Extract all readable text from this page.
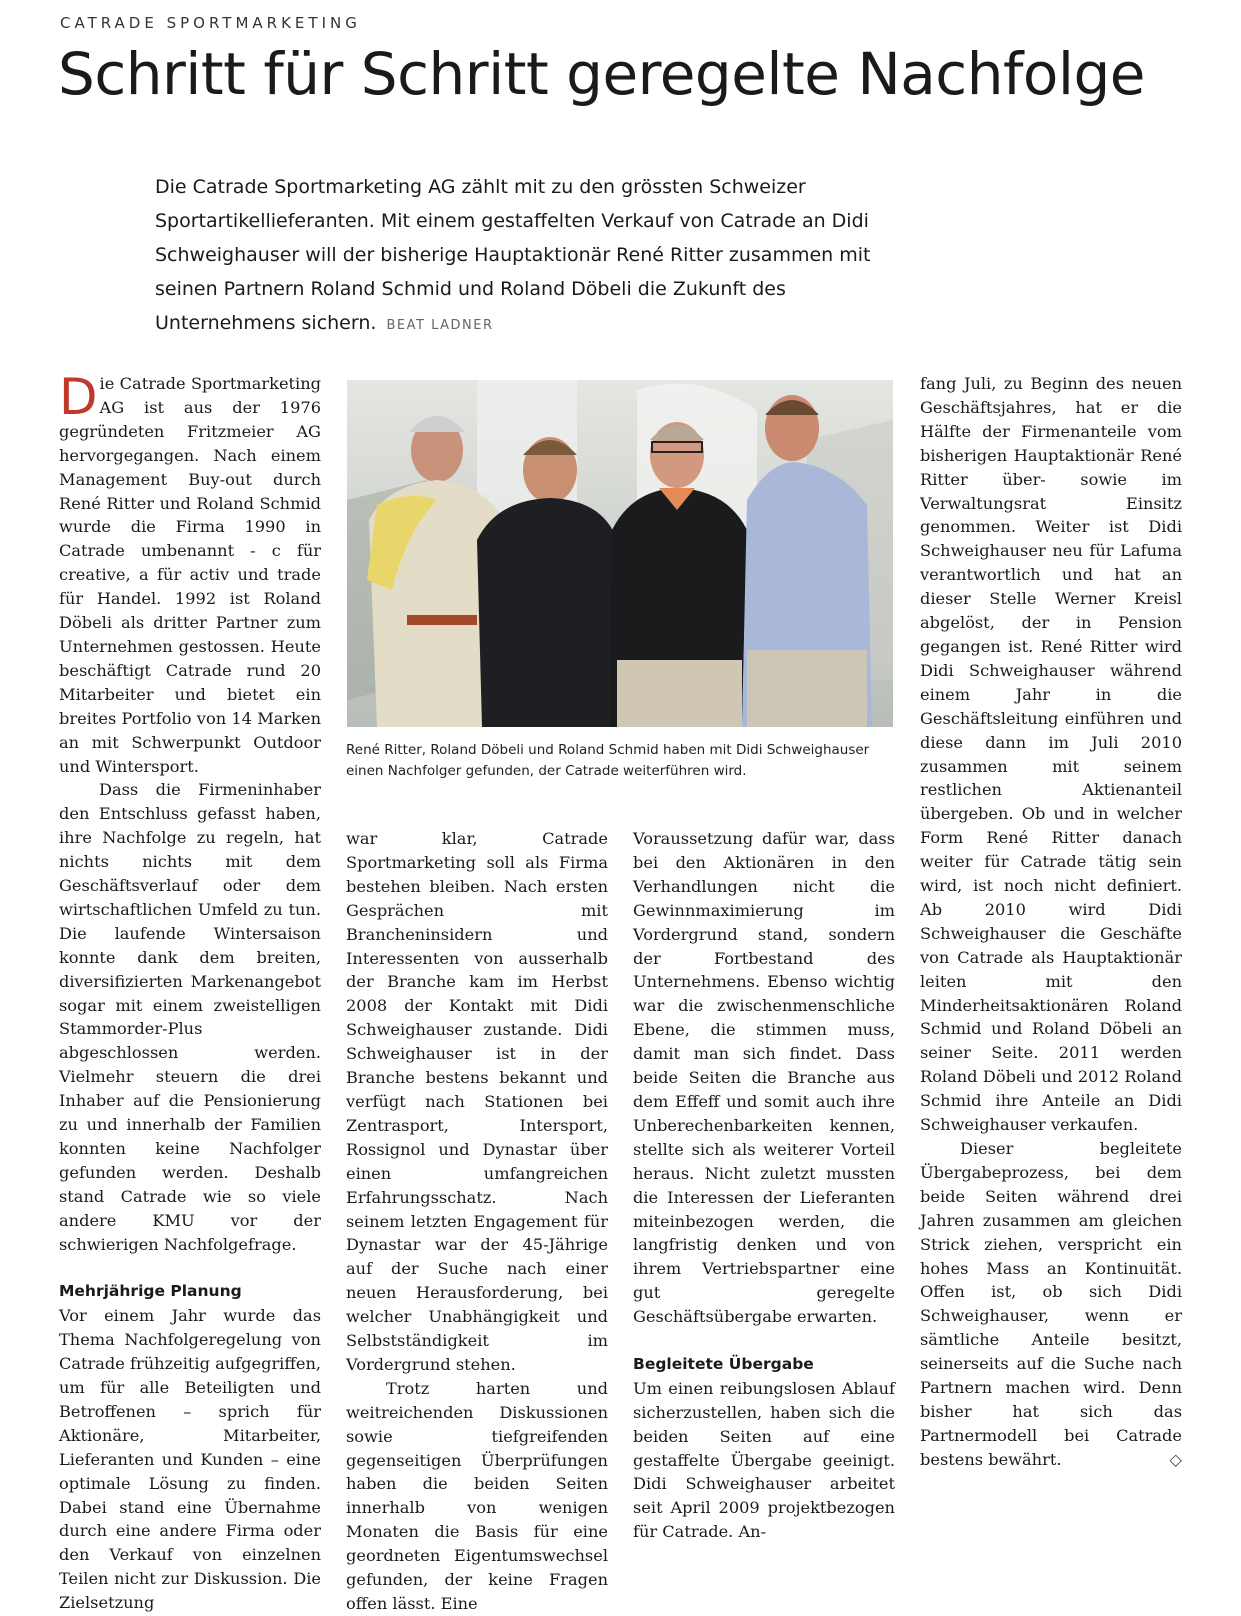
CATRADE SPORTMARKETING
Schritt für Schritt geregelte Nachfolge
Die Catrade Sportmarketing AG zählt mit zu den grössten Schweizer Sportartikellieferanten. Mit einem gestaffelten Verkauf von Catrade an Didi Schweighauser will der bisherige Hauptaktionär René Ritter zusammen mit seinen Partnern Roland Schmid und Roland Döbeli die Zukunft des Unternehmens sichern. BEAT LADNER

Die Catrade Sportmarketing AG ist aus der 1976 gegründeten Fritzmeier AG hervorgegangen. Nach einem Management Buy-out durch René Ritter und Roland Schmid wurde die Firma 1990 in Catrade umbenannt - c für creative, a für activ und trade für Handel. 1992 ist Roland Döbeli als dritter Partner zum Unternehmen gestossen. Heute beschäftigt Catrade rund 20 Mitarbeiter und bietet ein breites Portfolio von 14 Marken an mit Schwerpunkt Outdoor und Wintersport.

Dass die Firmeninhaber den Entschluss gefasst haben, ihre Nachfolge zu regeln, hat nichts nichts mit dem Geschäftsverlauf oder dem wirtschaftlichen Umfeld zu tun. Die laufende Wintersaison konnte dank dem breiten, diversifizierten Markenangebot sogar mit einem zweistelligen Stammorder-Plus abgeschlossen werden. Vielmehr steuern die drei Inhaber auf die Pensionierung zu und innerhalb der Familien konnten keine Nachfolger gefunden werden. Deshalb stand Catrade wie so viele andere KMU vor der schwierigen Nachfolgefrage.

Mehrjährige Planung

Vor einem Jahr wurde das Thema Nachfolgeregelung von Catrade frühzeitig aufgegriffen, um für alle Beteiligten und Betroffenen – sprich für Aktionäre, Mitarbeiter, Lieferanten und Kunden – eine optimale Lösung zu finden. Dabei stand eine Übernahme durch eine andere Firma oder den Verkauf von einzelnen Teilen nicht zur Diskussion. Die Zielsetzung

René Ritter, Roland Döbeli und Roland Schmid haben mit Didi Schweighauser einen Nachfolger gefunden, der Catrade weiterführen wird.

war klar, Catrade Sportmarketing soll als Firma bestehen bleiben. Nach ersten Gesprächen mit Brancheninsidern und Interessenten von ausserhalb der Branche kam im Herbst 2008 der Kontakt mit Didi Schweighauser zustande. Didi Schweighauser ist in der Branche bestens bekannt und verfügt nach Stationen bei Zentrasport, Intersport, Rossignol und Dynastar über einen umfangreichen Erfahrungsschatz. Nach seinem letzten Engagement für Dynastar war der 45-Jährige auf der Suche nach einer neuen Herausforderung, bei welcher Unabhängigkeit und Selbstständigkeit im Vordergrund stehen.

Trotz harten und weitreichenden Diskussionen sowie tiefgreifenden gegenseitigen Überprüfungen haben die beiden Seiten innerhalb von wenigen Monaten die Basis für eine geordneten Eigentumswechsel gefunden, der keine Fragen offen lässt. Eine

Voraussetzung dafür war, dass bei den Aktionären in den Verhandlungen nicht die Gewinnmaximierung im Vordergrund stand, sondern der Fortbestand des Unternehmens. Ebenso wichtig war die zwischenmenschliche Ebene, die stimmen muss, damit man sich findet. Dass beide Seiten die Branche aus dem Effeff und somit auch ihre Unberechenbarkeiten kennen, stellte sich als weiterer Vorteil heraus. Nicht zuletzt mussten die Interessen der Lieferanten miteinbezogen werden, die langfristig denken und von ihrem Vertriebspartner eine gut geregelte Geschäftsübergabe erwarten.

Begleitete Übergabe

Um einen reibungslosen Ablauf sicherzustellen, haben sich die beiden Seiten auf eine gestaffelte Übergabe geeinigt. Didi Schweighauser arbeitet seit April 2009 projektbezogen für Catrade. An-

fang Juli, zu Beginn des neuen Geschäftsjahres, hat er die Hälfte der Firmenanteile vom bisherigen Hauptaktionär René Ritter über- sowie im Verwaltungsrat Einsitz genommen. Weiter ist Didi Schweighauser neu für Lafuma verantwortlich und hat an dieser Stelle Werner Kreisl abgelöst, der in Pension gegangen ist. René Ritter wird Didi Schweighauser während einem Jahr in die Geschäftsleitung einführen und diese dann im Juli 2010 zusammen mit seinem restlichen Aktienanteil übergeben. Ob und in welcher Form René Ritter danach weiter für Catrade tätig sein wird, ist noch nicht definiert. Ab 2010 wird Didi Schweighauser die Geschäfte von Catrade als Hauptaktionär leiten mit den Minderheitsaktionären Roland Schmid und Roland Döbeli an seiner Seite. 2011 werden Roland Döbeli und 2012 Roland Schmid ihre Anteile an Didi Schweighauser verkaufen.

Dieser begleitete Übergabeprozess, bei dem beide Seiten während drei Jahren zusammen am gleichen Strick ziehen, verspricht ein hohes Mass an Kontinuität. Offen ist, ob sich Didi Schweighauser, wenn er sämtliche Anteile besitzt, seinerseits auf die Suche nach Partnern machen wird. Denn bisher hat sich das Partnermodell bei Catrade bestens bewährt.	◇
